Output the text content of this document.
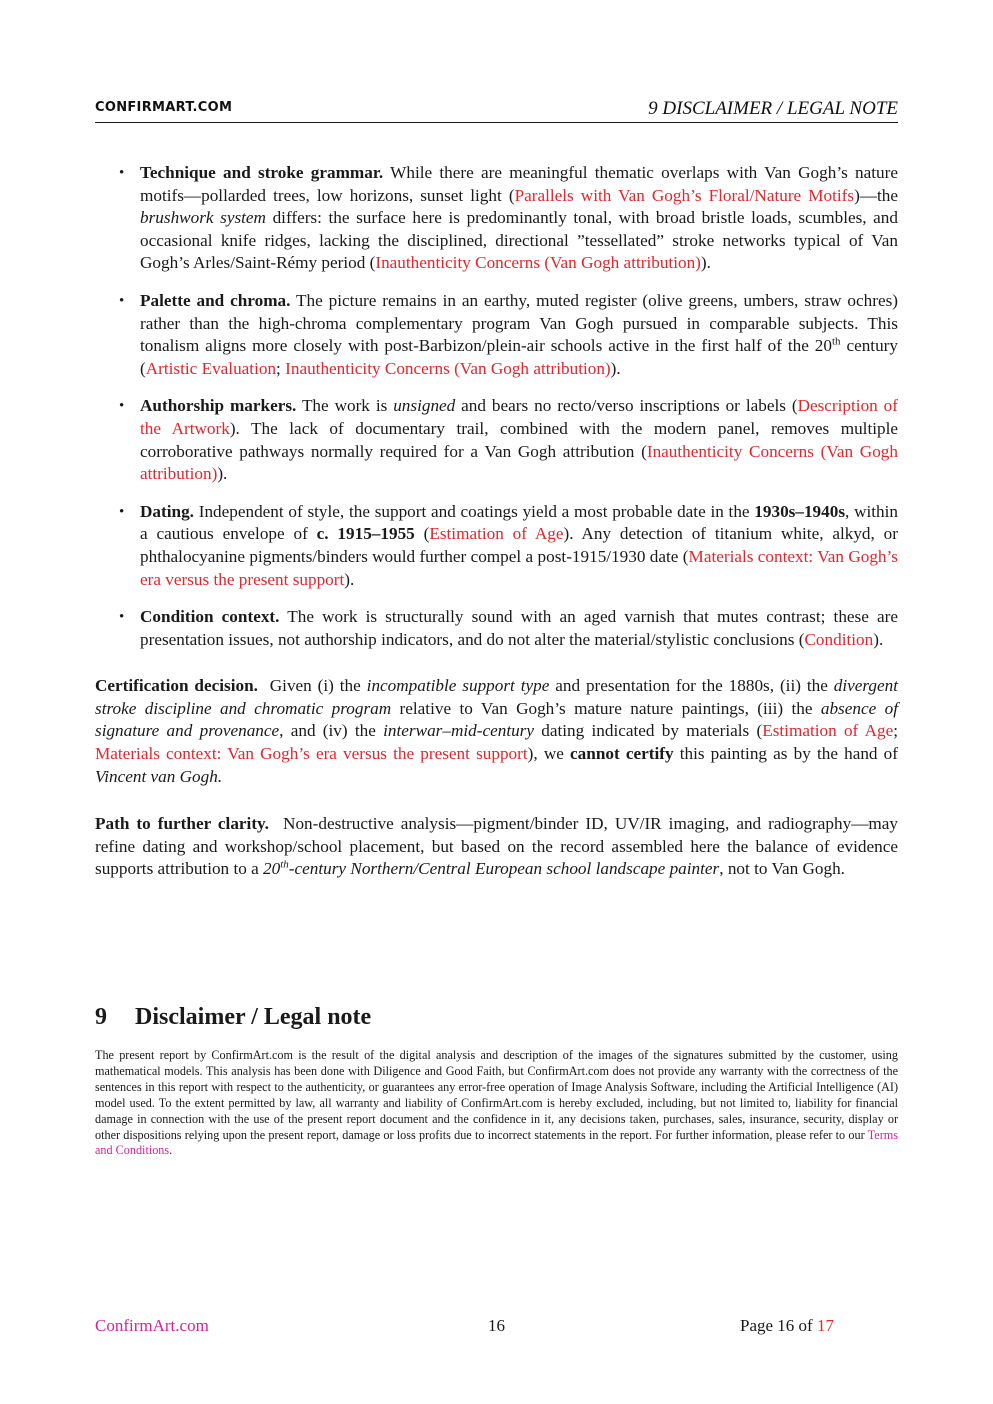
CONFIRMART.COM	9 DISCLAIMER / LEGAL NOTE
• Technique and stroke grammar. While there are meaningful thematic overlaps with Van Gogh’s nature motifs—pollarded trees, low horizons, sunset light (Parallels with Van Gogh’s Floral/Nature Motifs)—the brushwork system differs: the surface here is predominantly tonal, with broad bristle loads, scumbles, and occasional knife ridges, lacking the disciplined, directional ”tessellated” stroke networks typical of Van Gogh’s Arles/Saint-Rémy period (Inauthenticity Concerns (Van Gogh attribution)).
• Palette and chroma. The picture remains in an earthy, muted register (olive greens, umbers, straw ochres) rather than the high-chroma complementary program Van Gogh pursued in comparable subjects. This tonalism aligns more closely with post-Barbizon/plein-air schools active in the first half of the 20th century (Artistic Evaluation; Inauthenticity Concerns (Van Gogh attribution)).
• Authorship markers. The work is unsigned and bears no recto/verso inscriptions or labels (Description of the Artwork). The lack of documentary trail, combined with the modern panel, removes multiple corroborative pathways normally required for a Van Gogh attribution (Inauthenticity Concerns (Van Gogh attribution)).
• Dating. Independent of style, the support and coatings yield a most probable date in the 1930s–1940s, within a cautious envelope of c. 1915–1955 (Estimation of Age). Any detection of titanium white, alkyd, or phthalocyanine pigments/binders would further compel a post-1915/1930 date (Materials context: Van Gogh’s era versus the present support).
• Condition context. The work is structurally sound with an aged varnish that mutes contrast; these are presentation issues, not authorship indicators, and do not alter the material/stylistic conclusions (Condition).

Certification decision. Given (i) the incompatible support type and presentation for the 1880s, (ii) the divergent stroke discipline and chromatic program relative to Van Gogh’s mature nature paintings, (iii) the absence of signature and provenance, and (iv) the interwar–mid-century dating indicated by materials (Estimation of Age; Materials context: Van Gogh’s era versus the present support), we cannot certify this painting as by the hand of Vincent van Gogh.

Path to further clarity. Non-destructive analysis—pigment/binder ID, UV/IR imaging, and radiography—may refine dating and workshop/school placement, but based on the record assembled here the balance of evidence supports attribution to a 20th-century Northern/Central European school landscape painter, not to Van Gogh.

9 Disclaimer / Legal note
The present report by ConfirmArt.com is the result of the digital analysis and description of the images of the signatures submitted by the customer, using mathematical models. This analysis has been done with Diligence and Good Faith, but ConfirmArt.com does not provide any warranty with the correctness of the sentences in this report with respect to the authenticity, or guarantees any error-free operation of Image Analysis Software, including the Artificial Intelligence (AI) model used. To the extent permitted by law, all warranty and liability of ConfirmArt.com is hereby excluded, including, but not limited to, liability for financial damage in connection with the use of the present report document and the confidence in it, any decisions taken, purchases, sales, insurance, security, display or other dispositions relying upon the present report, damage or loss profits due to incorrect statements in the report. For further information, please refer to our Terms and Conditions.
ConfirmArt.com	16	Page 16 of 17
